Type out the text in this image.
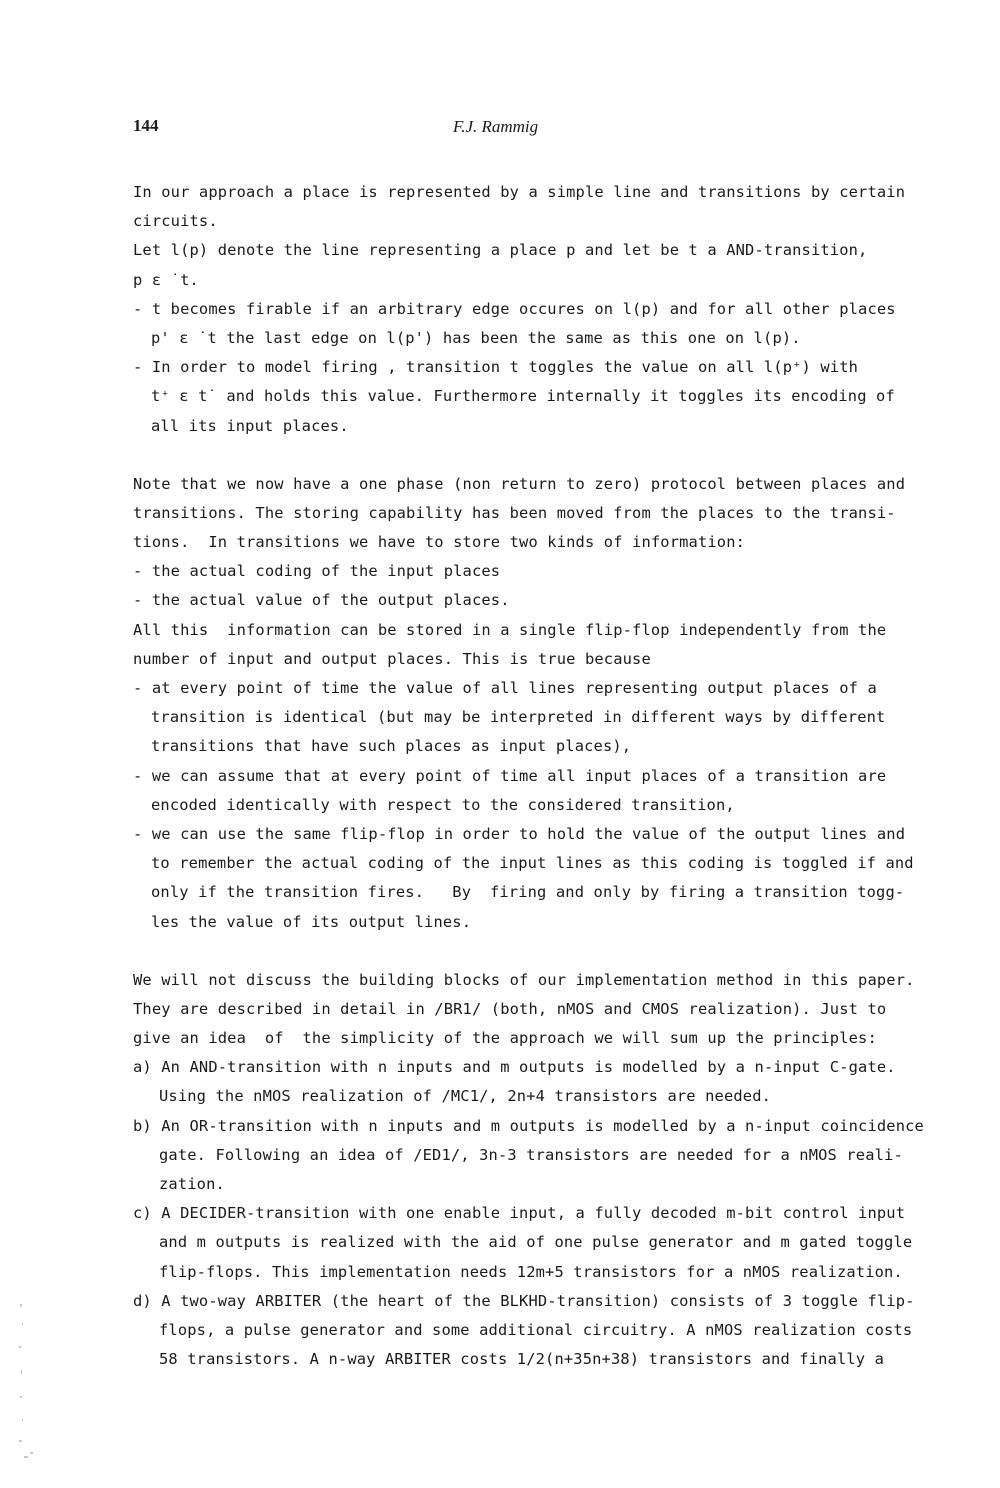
144	F.J. Rammig
In our approach a place is represented by a simple line and transitions by certain
circuits.
Let l(p) denote the line representing a place p and let be t a AND-transition,
p ε ˙t.
- t becomes firable if an arbitrary edge occures on l(p) and for all other places
p' ε ˙t the last edge on l(p') has been the same as this one on l(p).
- In order to model firing , transition t toggles the value on all l(p⁺) with
t⁺ ε t˙ and holds this value. Furthermore internally it toggles its encoding of
all its input places.
Note that we now have a one phase (non return to zero) protocol between places and
transitions. The storing capability has been moved from the places to the transi-
tions.  In transitions we have to store two kinds of information:
- the actual coding of the input places
- the actual value of the output places.
All this  information can be stored in a single flip-flop independently from the
number of input and output places. This is true because
- at every point of time the value of all lines representing output places of a
transition is identical (but may be interpreted in different ways by different
transitions that have such places as input places),
- we can assume that at every point of time all input places of a transition are
encoded identically with respect to the considered transition,
- we can use the same flip-flop in order to hold the value of the output lines and
to remember the actual coding of the input lines as this coding is toggled if and
only if the transition fires.   By  firing and only by firing a transition togg-
les the value of its output lines.
We will not discuss the building blocks of our implementation method in this paper.
They are described in detail in /BR1/ (both, nMOS and CMOS realization). Just to
give an idea  of  the simplicity of the approach we will sum up the principles:
a) An AND-transition with n inputs and m outputs is modelled by a n-input C-gate.
Using the nMOS realization of /MC1/, 2n+4 transistors are needed.
b) An OR-transition with n inputs and m outputs is modelled by a n-input coincidence
gate. Following an idea of /ED1/, 3n-3 transistors are needed for a nMOS reali-
zation.
c) A DECIDER-transition with one enable input, a fully decoded m-bit control input
and m outputs is realized with the aid of one pulse generator and m gated toggle
flip-flops. This implementation needs 12m+5 transistors for a nMOS realization.
d) A two-way ARBITER (the heart of the BLKHD-transition) consists of 3 toggle flip-
flops, a pulse generator and some additional circuitry. A nMOS realization costs
58 transistors. A n-way ARBITER costs 1/2(n+35n+38) transistors and finally a
